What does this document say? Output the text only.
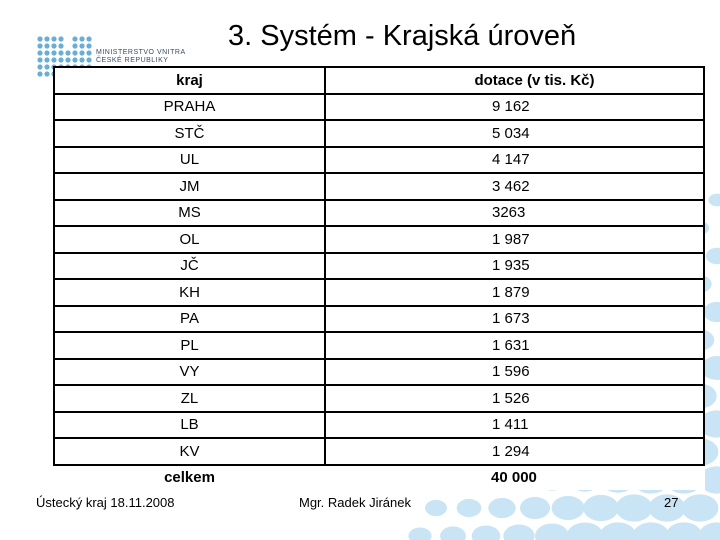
MINISTERSTVO VNITRA
ČESKÉ REPUBLIKY
3. Systém - Krajská úroveň
kraj	dotace (v tis. Kč)
PRAHA	9 162
STČ	5 034
UL	4 147
JM	3 462
MS	3263
OL	1 987
JČ	1 935
KH	1 879
PA	1 673
PL	1 631
VY	1 596
ZL	1 526
LB	1 411
KV	1 294
celkem	40 000
Ústecký kraj 18.11.2008	Mgr. Radek Jiránek	27
